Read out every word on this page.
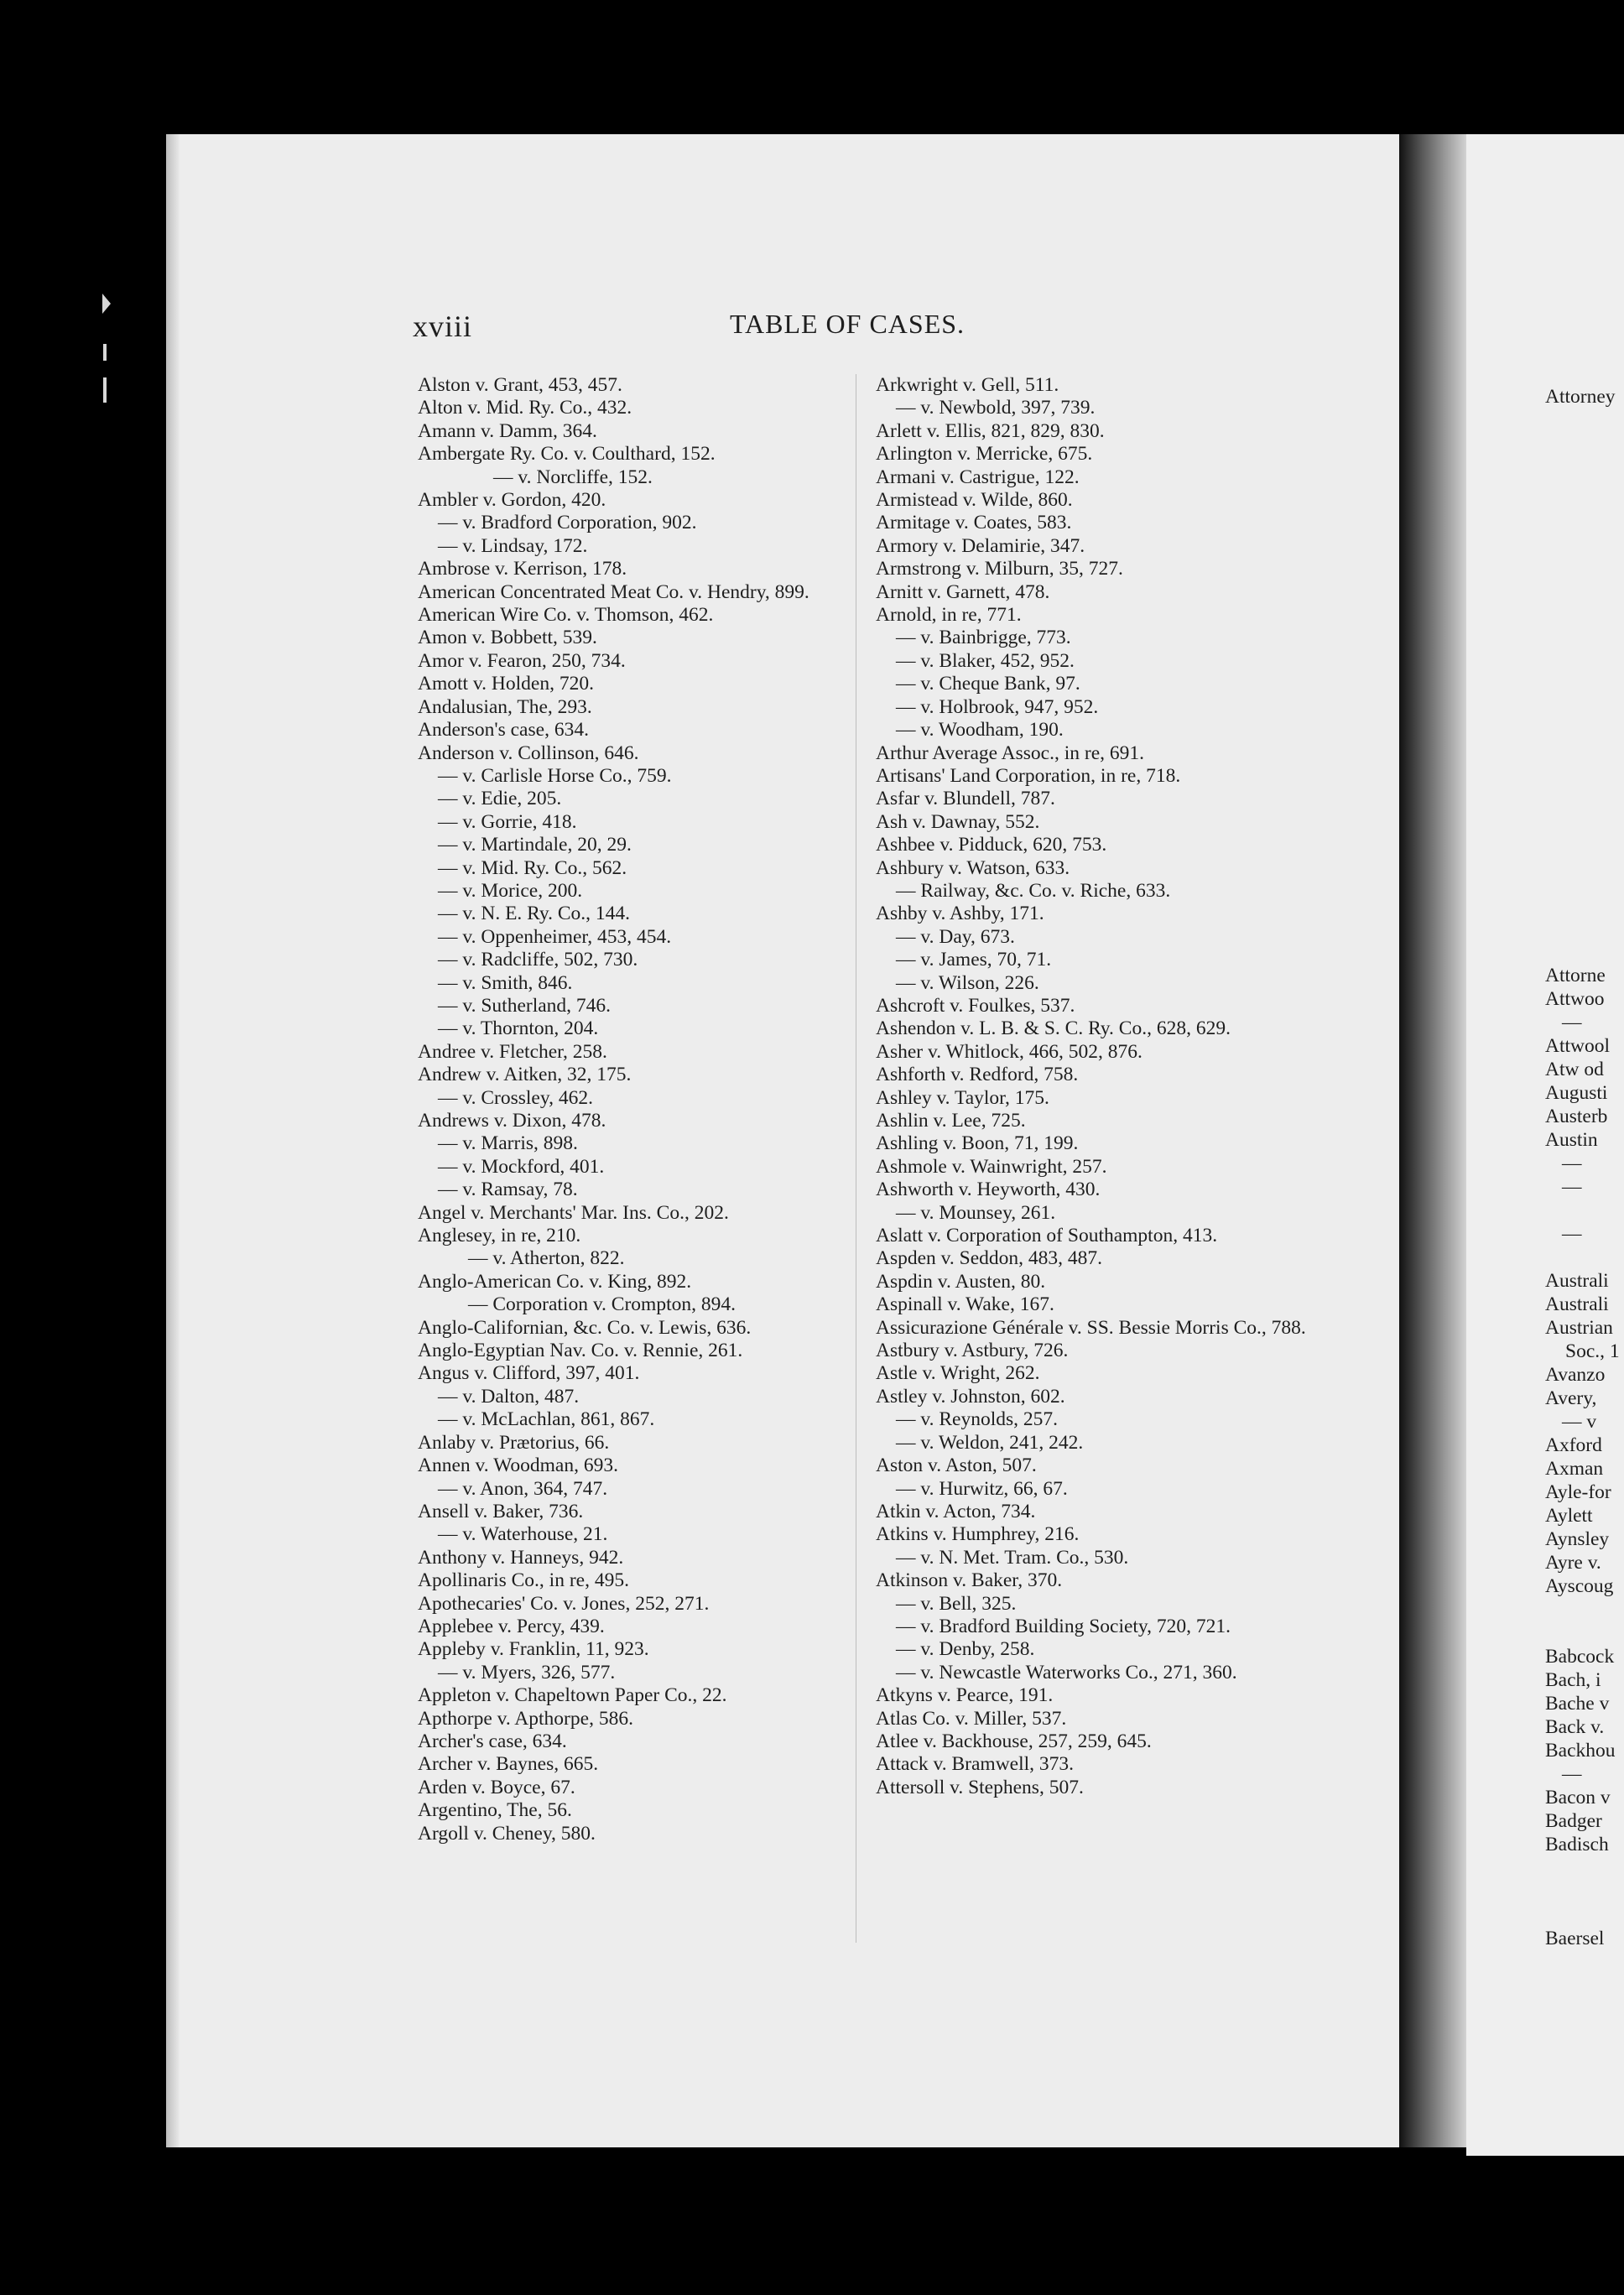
xviii	TABLE OF CASES.
Alston v. Grant, 453, 457.
Alton v. Mid. Ry. Co., 432.
Amann v. Damm, 364.
Ambergate Ry. Co. v. Coulthard, 152.
— v. Norcliffe, 152.
Ambler v. Gordon, 420.
— v. Bradford Corporation, 902.
— v. Lindsay, 172.
Ambrose v. Kerrison, 178.
American Concentrated Meat Co. v. Hendry, 899.
American Wire Co. v. Thomson, 462.
Amon v. Bobbett, 539.
Amor v. Fearon, 250, 734.
Amott v. Holden, 720.
Andalusian, The, 293.
Anderson's case, 634.
Anderson v. Collinson, 646.
— v. Carlisle Horse Co., 759.
— v. Edie, 205.
— v. Gorrie, 418.
— v. Martindale, 20, 29.
— v. Mid. Ry. Co., 562.
— v. Morice, 200.
— v. N. E. Ry. Co., 144.
— v. Oppenheimer, 453, 454.
— v. Radcliffe, 502, 730.
— v. Smith, 846.
— v. Sutherland, 746.
— v. Thornton, 204.
Andree v. Fletcher, 258.
Andrew v. Aitken, 32, 175.
— v. Crossley, 462.
Andrews v. Dixon, 478.
— v. Marris, 898.
— v. Mockford, 401.
— v. Ramsay, 78.
Angel v. Merchants' Mar. Ins. Co., 202.
Anglesey, in re, 210.
— v. Atherton, 822.
Anglo-American Co. v. King, 892.
— Corporation v. Crompton, 894.
Anglo-Californian, &c. Co. v. Lewis, 636.
Anglo-Egyptian Nav. Co. v. Rennie, 261.
Angus v. Clifford, 397, 401.
— v. Dalton, 487.
— v. McLachlan, 861, 867.
Anlaby v. Prætorius, 66.
Annen v. Woodman, 693.
— v. Anon, 364, 747.
Ansell v. Baker, 736.
— v. Waterhouse, 21.
Anthony v. Hanneys, 942.
Apollinaris Co., in re, 495.
Apothecaries' Co. v. Jones, 252, 271.
Applebee v. Percy, 439.
Appleby v. Franklin, 11, 923.
— v. Myers, 326, 577.
Appleton v. Chapeltown Paper Co., 22.
Apthorpe v. Apthorpe, 586.
Archer's case, 634.
Archer v. Baynes, 665.
Arden v. Boyce, 67.
Argentino, The, 56.
Argoll v. Cheney, 580.
Arkwright v. Gell, 511.
— v. Newbold, 397, 739.
Arlett v. Ellis, 821, 829, 830.
Arlington v. Merricke, 675.
Armani v. Castrigue, 122.
Armistead v. Wilde, 860.
Armitage v. Coates, 583.
Armory v. Delamirie, 347.
Armstrong v. Milburn, 35, 727.
Arnitt v. Garnett, 478.
Arnold, in re, 771.
— v. Bainbrigge, 773.
— v. Blaker, 452, 952.
— v. Cheque Bank, 97.
— v. Holbrook, 947, 952.
— v. Woodham, 190.
Arthur Average Assoc., in re, 691.
Artisans' Land Corporation, in re, 718.
Asfar v. Blundell, 787.
Ash v. Dawnay, 552.
Ashbee v. Pidduck, 620, 753.
Ashbury v. Watson, 633.
— Railway, &c. Co. v. Riche, 633.
Ashby v. Ashby, 171.
— v. Day, 673.
— v. James, 70, 71.
— v. Wilson, 226.
Ashcroft v. Foulkes, 537.
Ashendon v. L. B. & S. C. Ry. Co., 628, 629.
Asher v. Whitlock, 466, 502, 876.
Ashforth v. Redford, 758.
Ashley v. Taylor, 175.
Ashlin v. Lee, 725.
Ashling v. Boon, 71, 199.
Ashmole v. Wainwright, 257.
Ashworth v. Heyworth, 430.
— v. Mounsey, 261.
Aslatt v. Corporation of Southampton, 413.
Aspden v. Seddon, 483, 487.
Aspdin v. Austen, 80.
Aspinall v. Wake, 167.
Assicurazione Générale v. SS. Bessie Morris Co., 788.
Astbury v. Astbury, 726.
Astle v. Wright, 262.
Astley v. Johnston, 602.
— v. Reynolds, 257.
— v. Weldon, 241, 242.
Aston v. Aston, 507.
— v. Hurwitz, 66, 67.
Atkin v. Acton, 734.
Atkins v. Humphrey, 216.
— v. N. Met. Tram. Co., 530.
Atkinson v. Baker, 370.
— v. Bell, 325.
— v. Bradford Building Society, 720, 721.
— v. Denby, 258.
— v. Newcastle Waterworks Co., 271, 360.
Atkyns v. Pearce, 191.
Atlas Co. v. Miller, 537.
Atlee v. Backhouse, 257, 259, 645.
Attack v. Bramwell, 373.
Attersoll v. Stephens, 507.
Attorney
Attorne
Attwoo
—
Attwool
Atw od
Augusti
Austerb
Austin
—
—
—
Australi
Australi
Austrian
Soc., 1
Avanzo
Avery,
— v
Axford
Axman
Ayle-for
Aylett
Aynsley
Ayre v.
Ayscoug
Babcock
Bach, i
Bache v
Back v.
Backhou
—
Bacon v
Badger
Badisch
Baersel
